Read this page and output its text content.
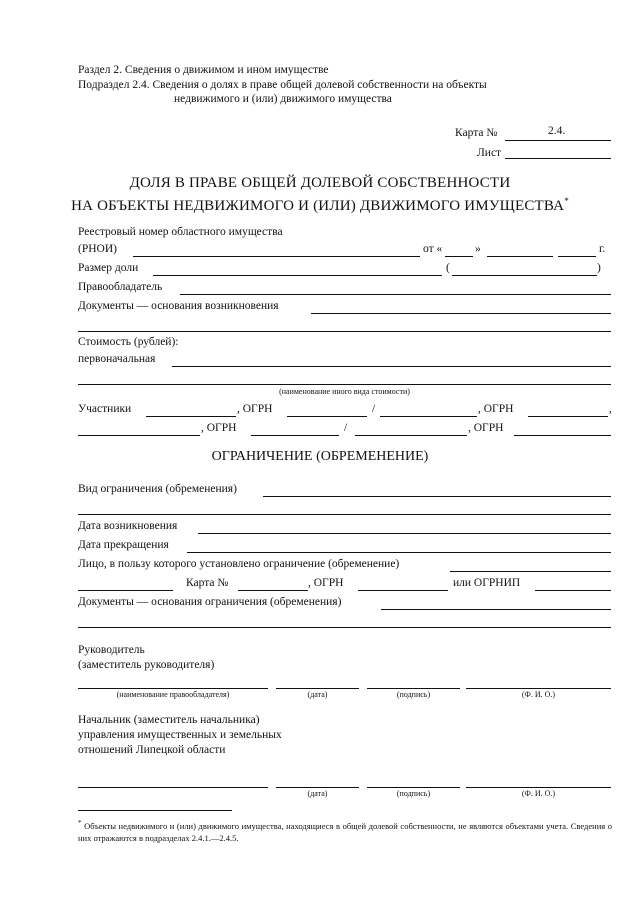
Раздел 2. Сведения о движимом и ином имуществе
Подраздел 2.4. Сведения о долях в праве общей долевой собственности на объекты
недвижимого и (или) движимого имущества
Карта №	2.4.
Лист
ДОЛЯ В ПРАВЕ ОБЩЕЙ ДОЛЕВОЙ СОБСТВЕННОСТИ
НА ОБЪЕКТЫ НЕДВИЖИМОГО И (ИЛИ) ДВИЖИМОГО ИМУЩЕСТВА*
Реестровый номер областного имущества
(РНОИ)	от «	»	г.
Размер доли	(	)
Правообладатель
Документы — основания возникновения
Стоимость (рублей):
первоначальная
(наименование иного вида стоимости)
Участники	, ОГРН	/	, ОГРН	,
, ОГРН	/	, ОГРН
ОГРАНИЧЕНИЕ (ОБРЕМЕНЕНИЕ)
Вид ограничения (обременения)
Дата возникновения
Дата прекращения
Лицо, в пользу которого установлено ограничение (обременение)
Карта №	, ОГРН	или ОГРНИП
Документы — основания ограничения (обременения)
Руководитель
(заместитель руководителя)
(наименование правообладателя)	(дата)	(подпись)	(Ф. И. О.)
Начальник (заместитель начальника)
управления имущественных и земельных
отношений Липецкой области
(дата)	(подпись)	(Ф. И. О.)
* Объекты недвижимого и (или) движимого имущества, находящиеся в общей долевой собственности, не являются объектами учета. Сведения о них отражаются в подразделах 2.4.1.—2.4.5.
